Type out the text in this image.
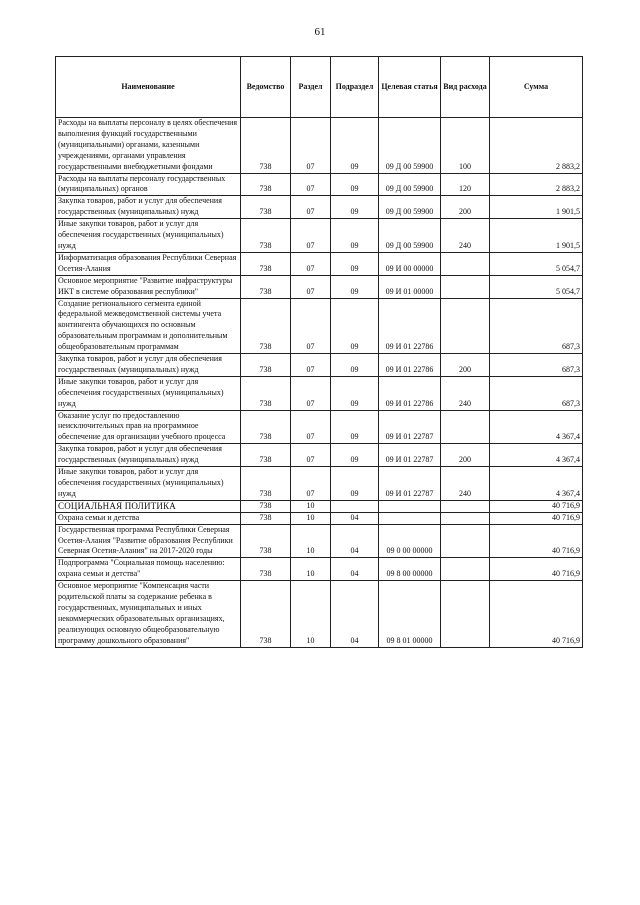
61
Наименование	Ведомство	Раздел	Подраздел	Целевая статья	Вид расхода	Сумма
Расходы на выплаты персоналу в целях обеспечения выполнения функций государственными (муниципальными) органами, казенными учреждениями, органами управления государственными внебюджетными фондами	738	07	09	09 Д 00 59900	100	2 883,2
Расходы на выплаты персоналу государственных (муниципальных) органов	738	07	09	09 Д 00 59900	120	2 883,2
Закупка товаров, работ и услуг для обеспечения государственных (муниципальных) нужд	738	07	09	09 Д 00 59900	200	1 901,5
Иные закупки товаров, работ и услуг для обеспечения государственных (муниципальных) нужд	738	07	09	09 Д 00 59900	240	1 901,5
Информатизация образования Республики Северная Осетия-Алания	738	07	09	09 И 00 00000		5 054,7
Основное мероприятие "Развитие инфраструктуры ИКТ в системе образования республики"	738	07	09	09 И 01 00000		5 054,7
Создание регионального сегмента единой федеральной межведомственной системы учета контингента обучающихся по основным образовательным программам и дополнительным общеобразовательным программам	738	07	09	09 И 01 22786		687,3
Закупка товаров, работ и услуг для обеспечения государственных (муниципальных) нужд	738	07	09	09 И 01 22786	200	687,3
Иные закупки товаров, работ и услуг для обеспечения государственных (муниципальных) нужд	738	07	09	09 И 01 22786	240	687,3
Оказание услуг по предоставлению неисключительных прав на программное обеспечение для организации учебного процесса	738	07	09	09 И 01 22787		4 367,4
Закупка товаров, работ и услуг для обеспечения государственных (муниципальных) нужд	738	07	09	09 И 01 22787	200	4 367,4
Иные закупки товаров, работ и услуг для обеспечения государственных (муниципальных) нужд	738	07	09	09 И 01 22787	240	4 367,4
СОЦИАЛЬНАЯ ПОЛИТИКА	738	10				40 716,9
Охрана семьи и детства	738	10	04			40 716,9
Государственная программа Республики Северная Осетия-Алания "Развитие образования Республики Северная Осетия-Алания" на 2017-2020 годы	738	10	04	09 0 00 00000		40 716,9
Подпрограмма "Социальная помощь населению: охрана семьи и детства"	738	10	04	09 8 00 00000		40 716,9
Основное мероприятие "Компенсация части родительской платы за содержание ребенка в государственных, муниципальных и иных некоммерческих образовательных организациях, реализующих основную общеобразовательную программу дошкольного образования"	738	10	04	09 8 01 00000		40 716,9
